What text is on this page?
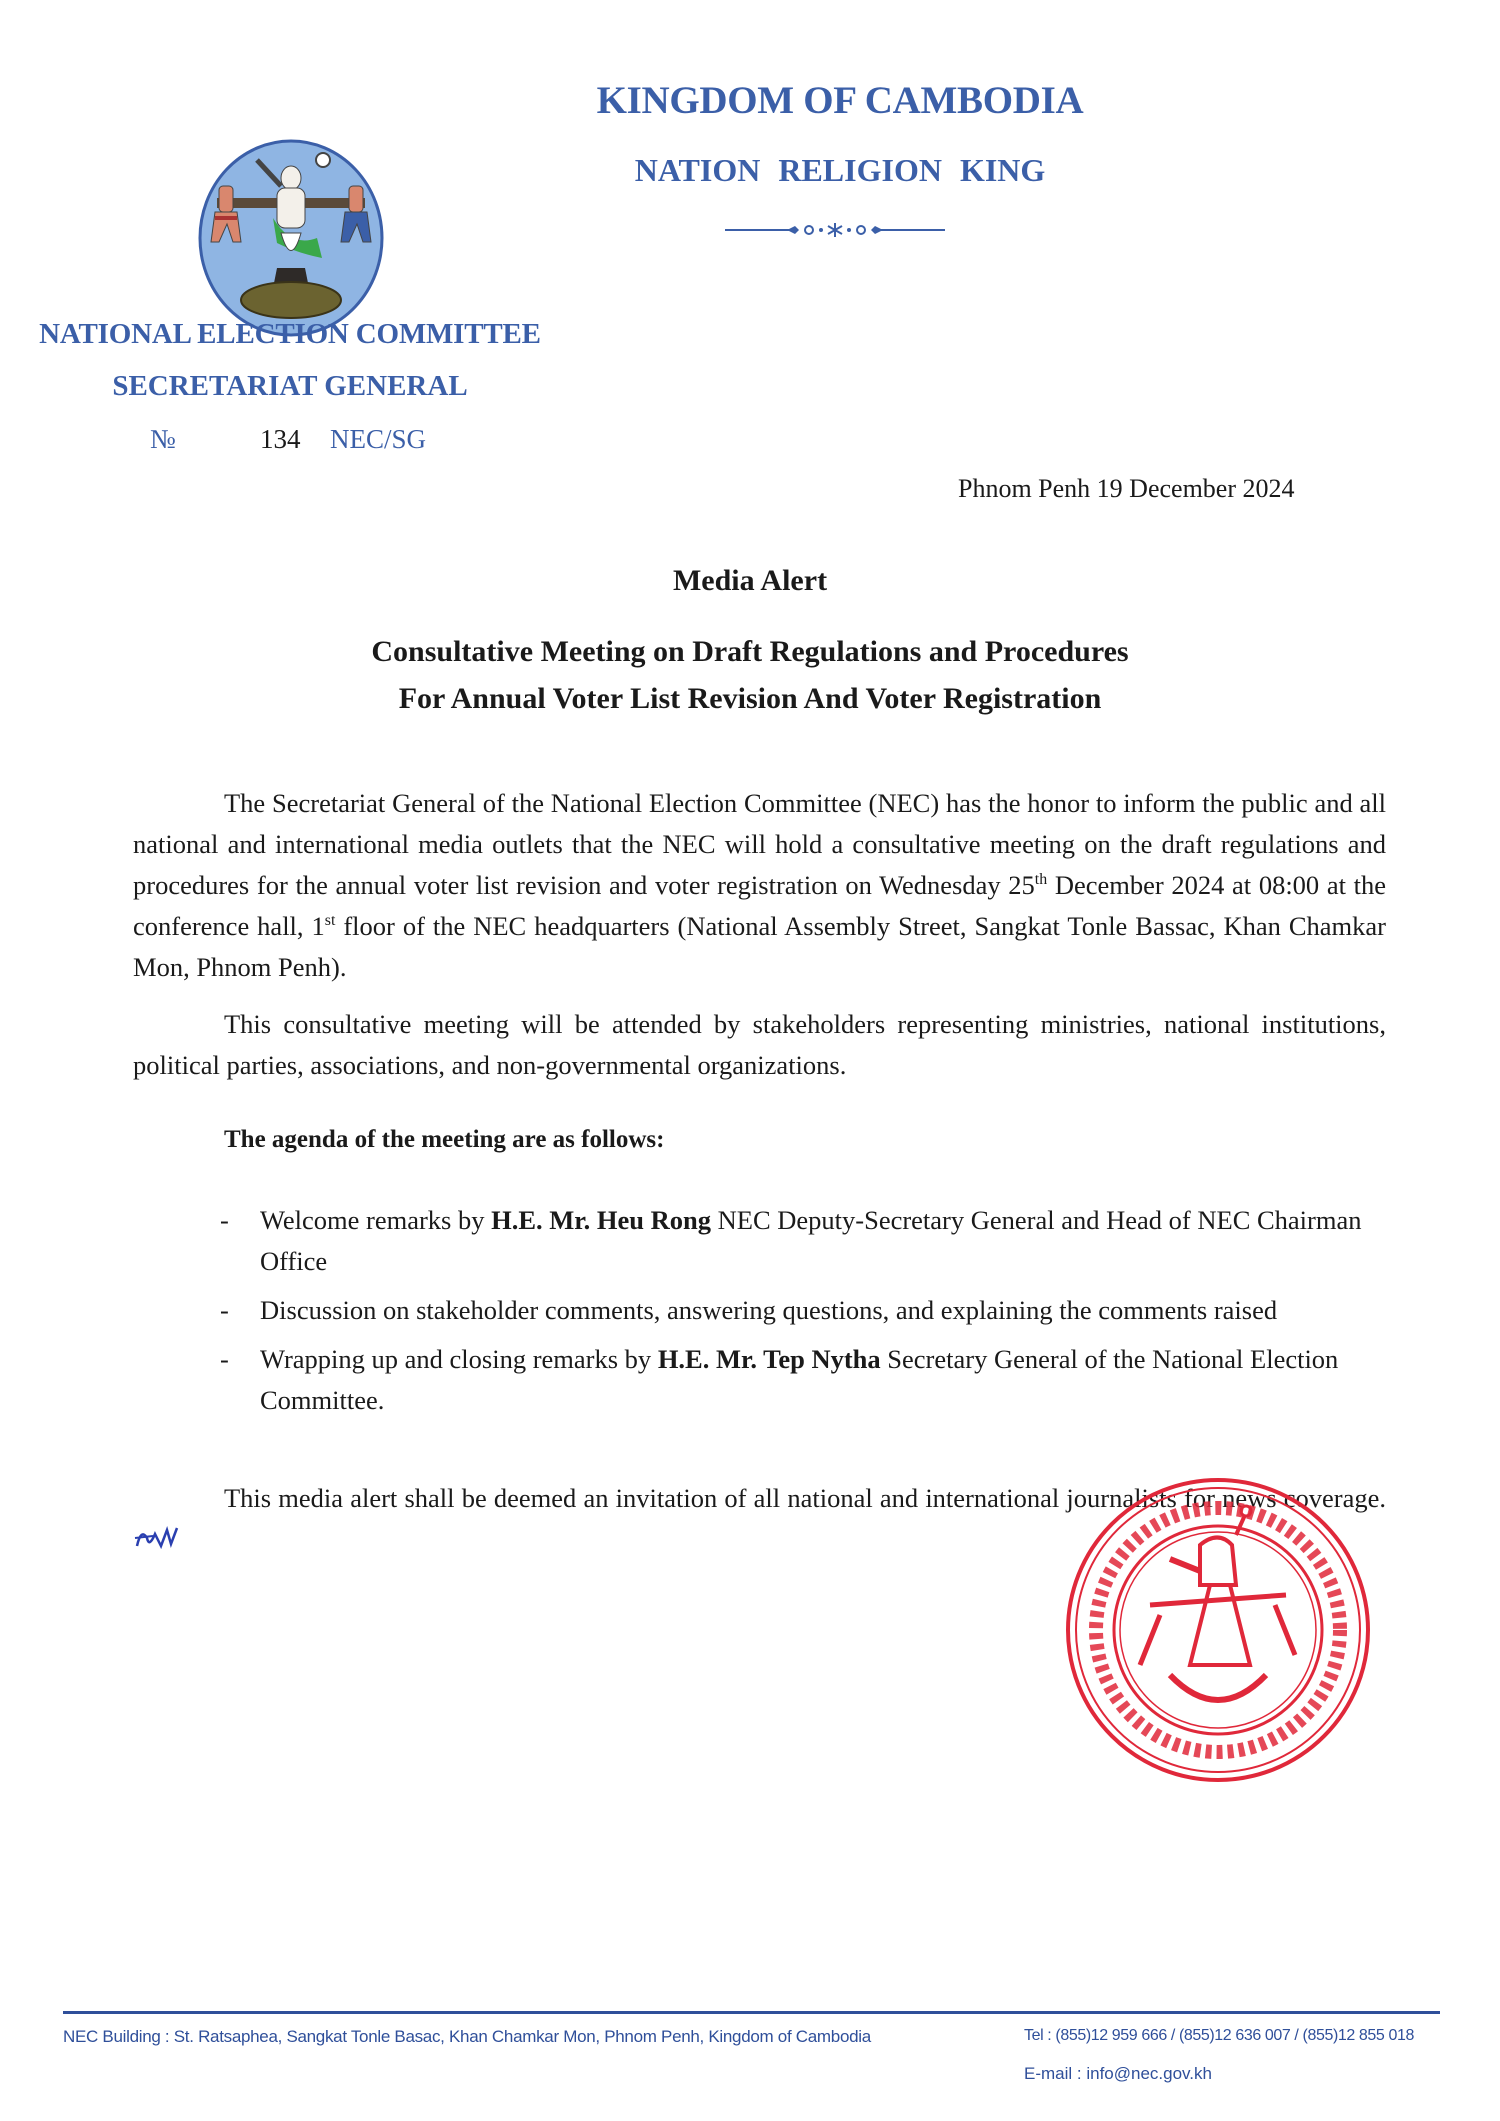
KINGDOM OF CAMBODIA
NATION RELIGION KING
NATIONAL ELECTION COMMITTEE
SECRETARIAT GENERAL
№	134 NEC/SG
Phnom Penh 19 December 2024
Media Alert
Consultative Meeting on Draft Regulations and Procedures
For Annual Voter List Revision And Voter Registration
The Secretariat General of the National Election Committee (NEC) has the honor to inform the public and all national and international media outlets that the NEC will hold a consultative meeting on the draft regulations and procedures for the annual voter list revision and voter registration on Wednesday 25th December 2024 at 08:00 at the conference hall, 1st floor of the NEC headquarters (National Assembly Street, Sangkat Tonle Bassac, Khan Chamkar Mon, Phnom Penh).
This consultative meeting will be attended by stakeholders representing ministries, national institutions, political parties, associations, and non-governmental organizations.
The agenda of the meeting are as follows:
- Welcome remarks by H.E. Mr. Heu Rong NEC Deputy-Secretary General and Head of NEC Chairman Office
- Discussion on stakeholder comments, answering questions, and explaining the comments raised
- Wrapping up and closing remarks by H.E. Mr. Tep Nytha Secretary General of the National Election Committee.
This media alert shall be deemed an invitation of all national and international journalists for news coverage.
NEC Building : St. Ratsaphea, Sangkat Tonle Basac, Khan Chamkar Mon, Phnom Penh, Kingdom of Cambodia	Tel : (855)12 959 666 / (855)12 636 007 / (855)12 855 018
E-mail : info@nec.gov.kh
